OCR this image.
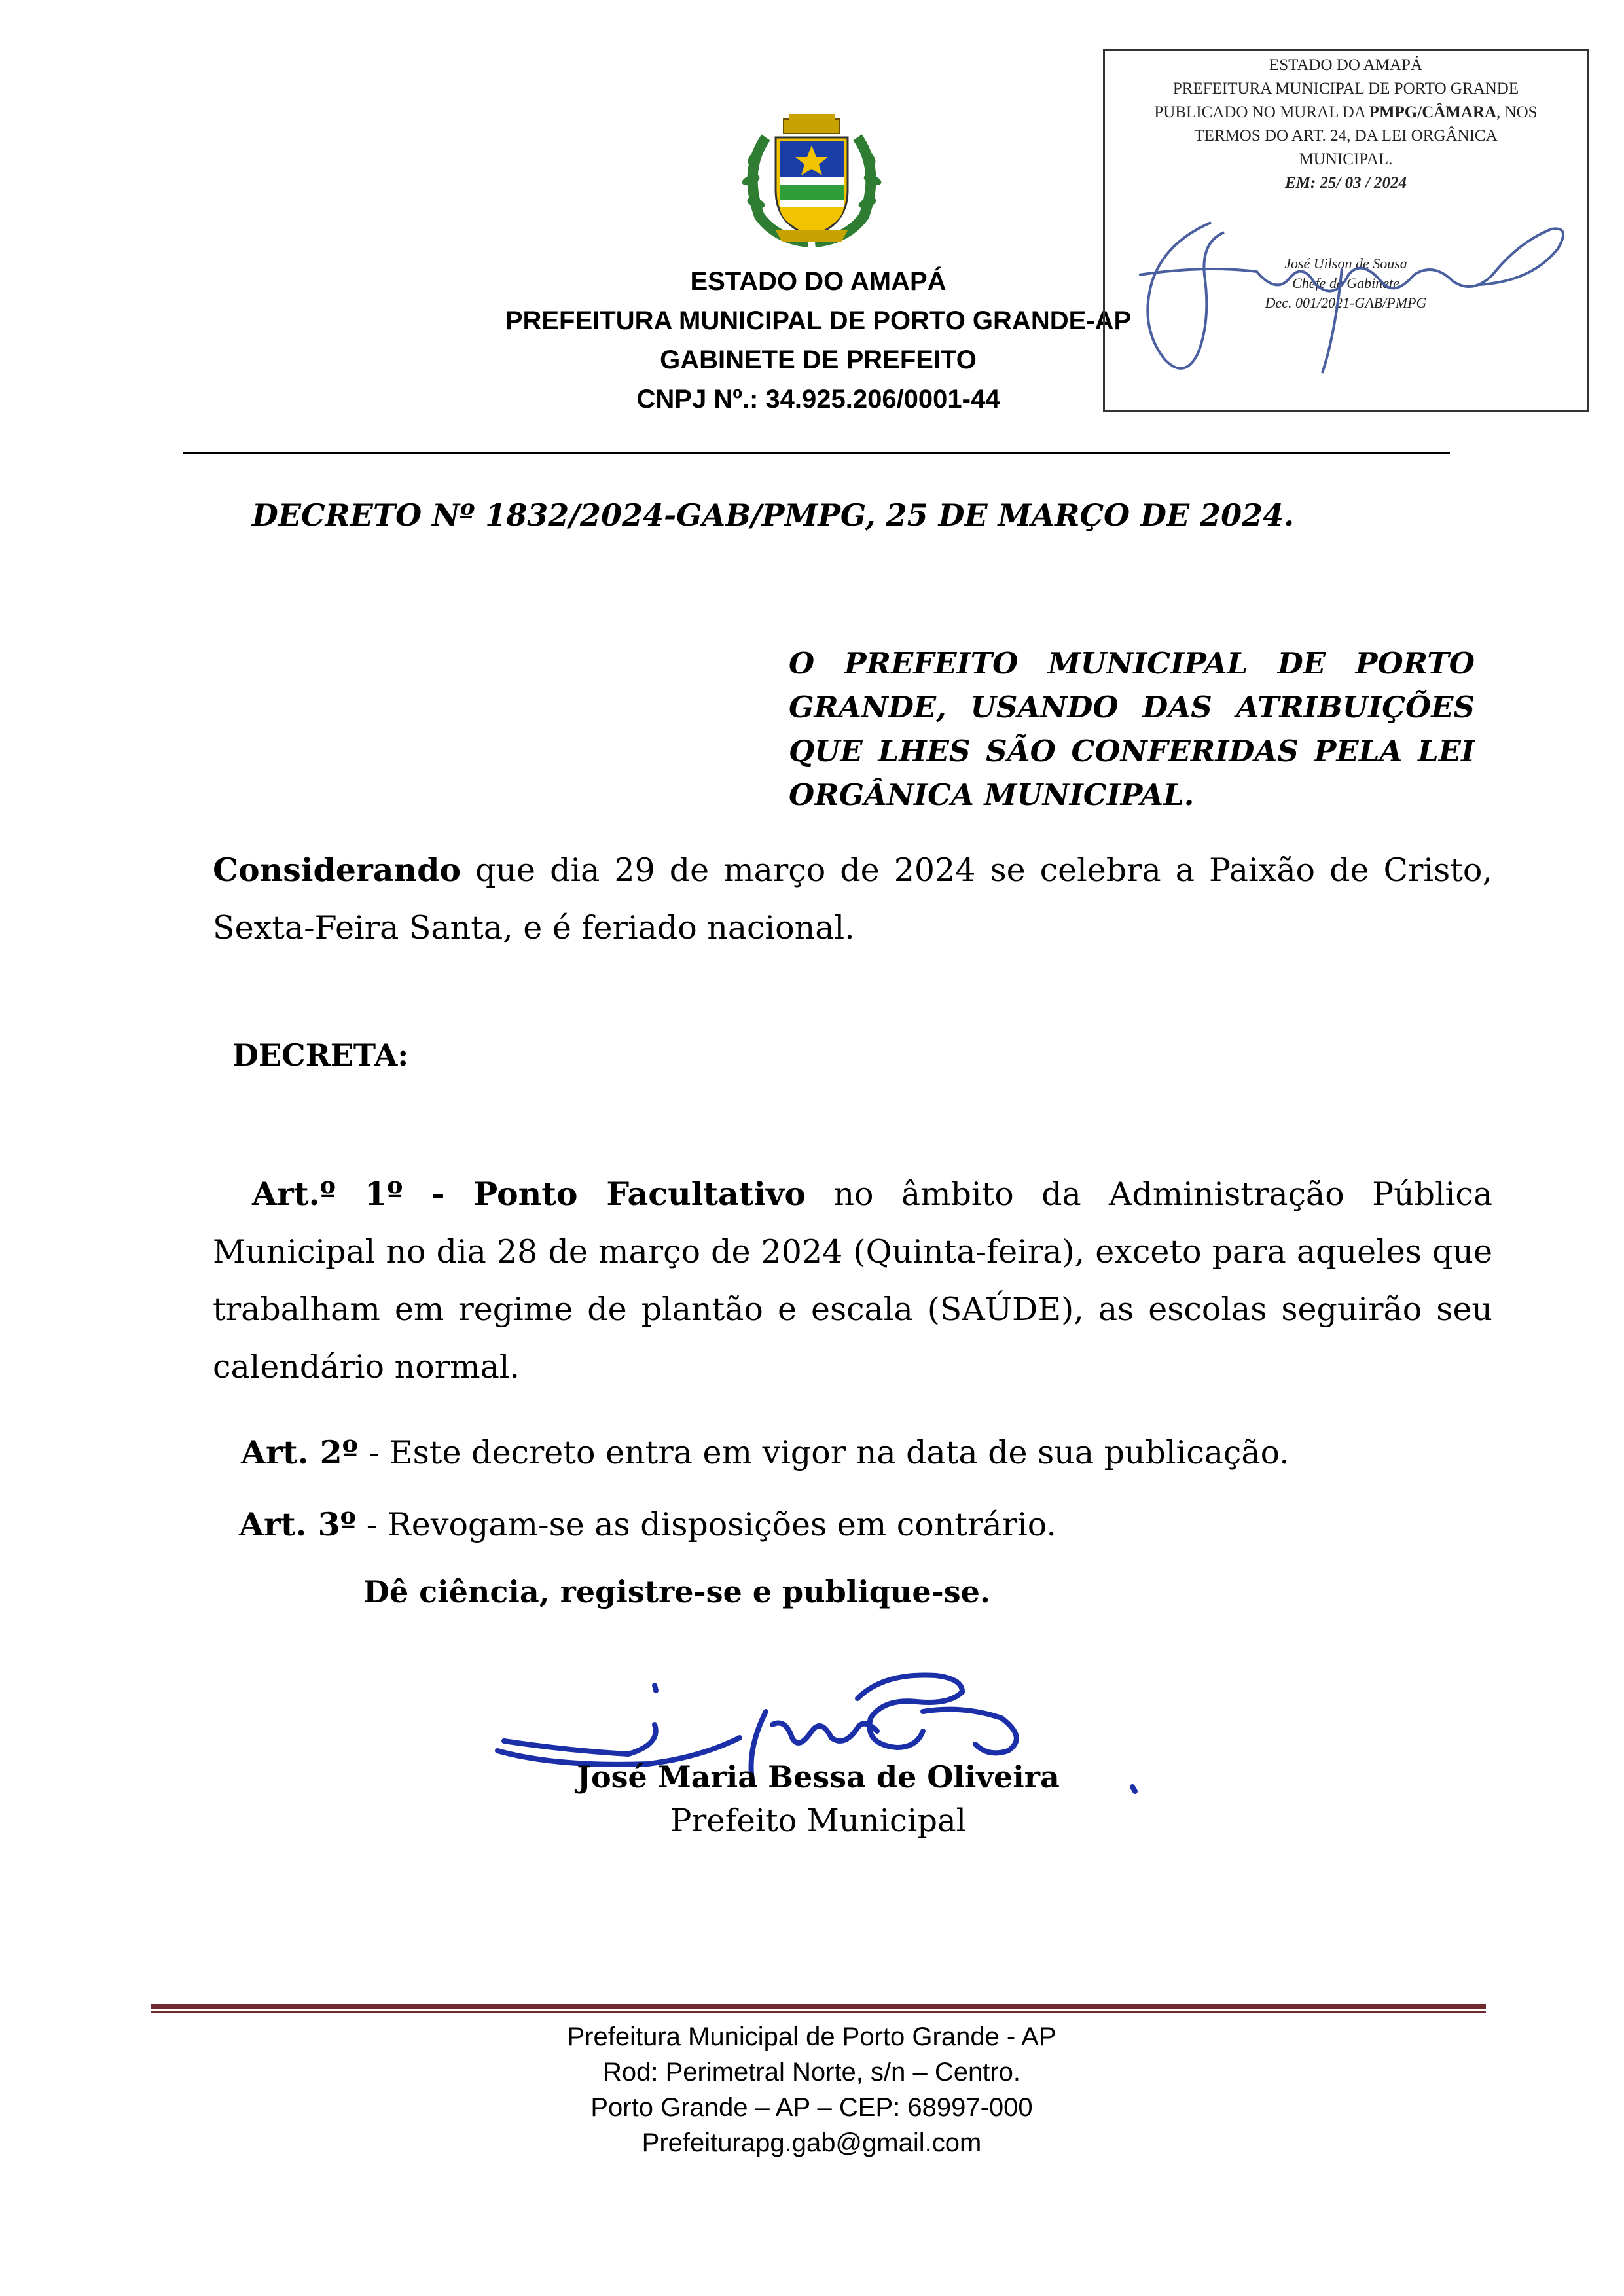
ESTADO DO AMAPÁ
PREFEITURA MUNICIPAL DE PORTO GRANDE-AP
GABINETE DE PREFEITO
CNPJ Nº.: 34.925.206/0001-44
ESTADO DO AMAPÁ
PREFEITURA MUNICIPAL DE PORTO GRANDE
PUBLICADO NO MURAL DA PMPG/CÂMARA, NOS
TERMOS DO ART. 24, DA LEI ORGÂNICA
MUNICIPAL.
EM: 25/ 03 / 2024
José Uilson de Sousa
Chefe de Gabinete
Dec. 001/2021-GAB/PMPG
DECRETO Nº 1832/2024-GAB/PMPG, 25 DE MARÇO DE 2024.
O PREFEITO MUNICIPAL DE PORTO GRANDE, USANDO DAS ATRIBUIÇÕES QUE LHES SÃO CONFERIDAS PELA LEI ORGÂNICA MUNICIPAL.
Considerando que dia 29 de março de 2024 se celebra a Paixão de Cristo, Sexta-Feira Santa, e é feriado nacional.
DECRETA:
Art.º 1º - Ponto Facultativo no âmbito da Administração Pública Municipal no dia 28 de março de 2024 (Quinta-feira), exceto para aqueles que trabalham em regime de plantão e escala (SAÚDE), as escolas seguirão seu calendário normal.
Art. 2º - Este decreto entra em vigor na data de sua publicação.
Art. 3º - Revogam-se as disposições em contrário.
Dê ciência, registre-se e publique-se.
José Maria Bessa de Oliveira
Prefeito Municipal
Prefeitura Municipal de Porto Grande - AP
Rod: Perimetral Norte, s/n – Centro.
Porto Grande – AP – CEP: 68997-000
Prefeiturapg.gab@gmail.com
